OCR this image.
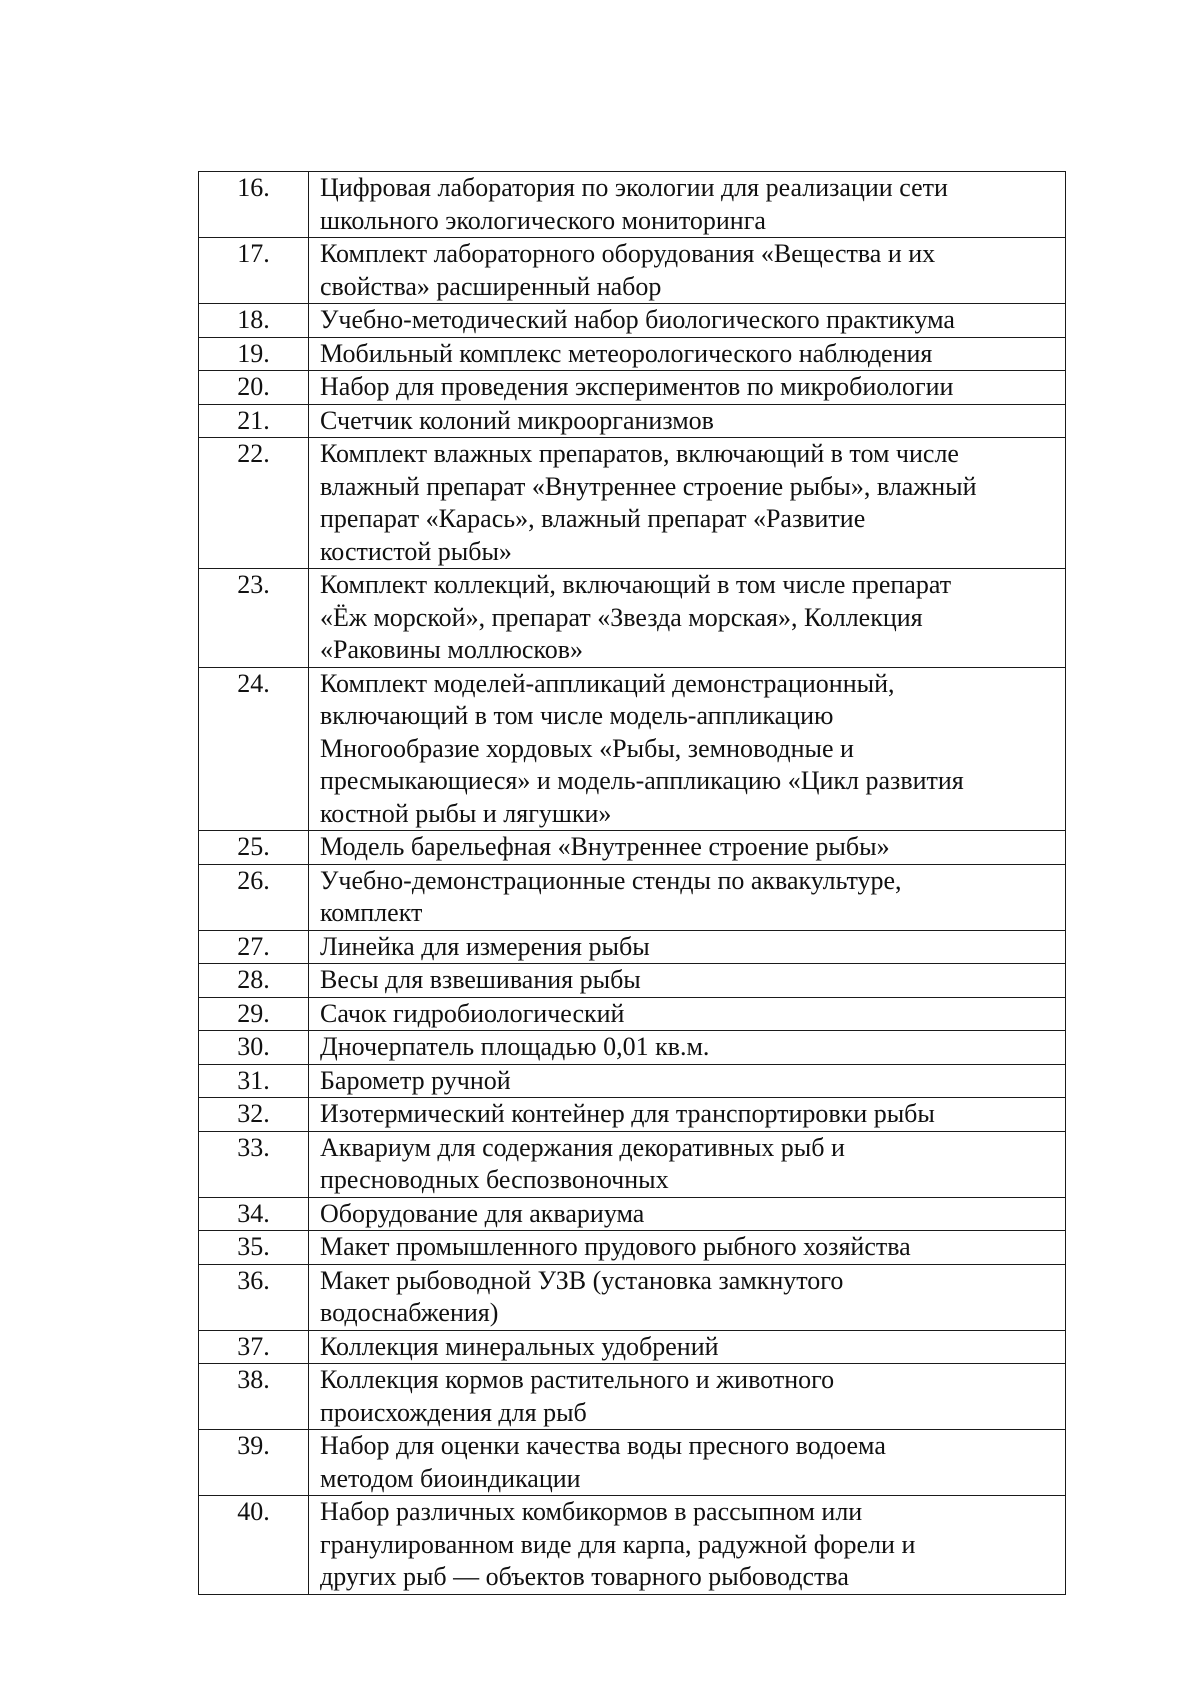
16.	Цифровая лаборатория по экологии для реализации сети
школьного экологического мониторинга
17.	Комплект лабораторного оборудования «Вещества и их
свойства» расширенный набор
18.	Учебно-методический набор биологического практикума
19.	Мобильный комплекс метеорологического наблюдения
20.	Набор для проведения экспериментов по микробиологии
21.	Счетчик колоний микроорганизмов
22.	Комплект влажных препаратов, включающий в том числе
влажный препарат «Внутреннее строение рыбы», влажный
препарат «Карась», влажный препарат «Развитие
костистой рыбы»
23.	Комплект коллекций, включающий в том числе препарат
«Ёж морской», препарат «Звезда морская», Коллекция
«Раковины моллюсков»
24.	Комплект моделей-аппликаций демонстрационный,
включающий в том числе модель-аппликацию
Многообразие хордовых «Рыбы, земноводные и
пресмыкающиеся» и модель-аппликацию «Цикл развития
костной рыбы и лягушки»
25.	Модель барельефная «Внутреннее строение рыбы»
26.	Учебно-демонстрационные стенды по аквакультуре,
комплект
27.	Линейка для измерения рыбы
28.	Весы для взвешивания рыбы
29.	Сачок гидробиологический
30.	Дночерпатель площадью 0,01 кв.м.
31.	Барометр ручной
32.	Изотермический контейнер для транспортировки рыбы
33.	Аквариум для содержания декоративных рыб и
пресноводных беспозвоночных
34.	Оборудование для аквариума
35.	Макет промышленного прудового рыбного хозяйства
36.	Макет рыбоводной УЗВ (установка замкнутого
водоснабжения)
37.	Коллекция минеральных удобрений
38.	Коллекция кормов растительного и животного
происхождения для рыб
39.	Набор для оценки качества воды пресного водоема
методом биоиндикации
40.	Набор различных комбикормов в рассыпном или
гранулированном виде для карпа, радужной форели и
других рыб — объектов товарного рыбоводства
